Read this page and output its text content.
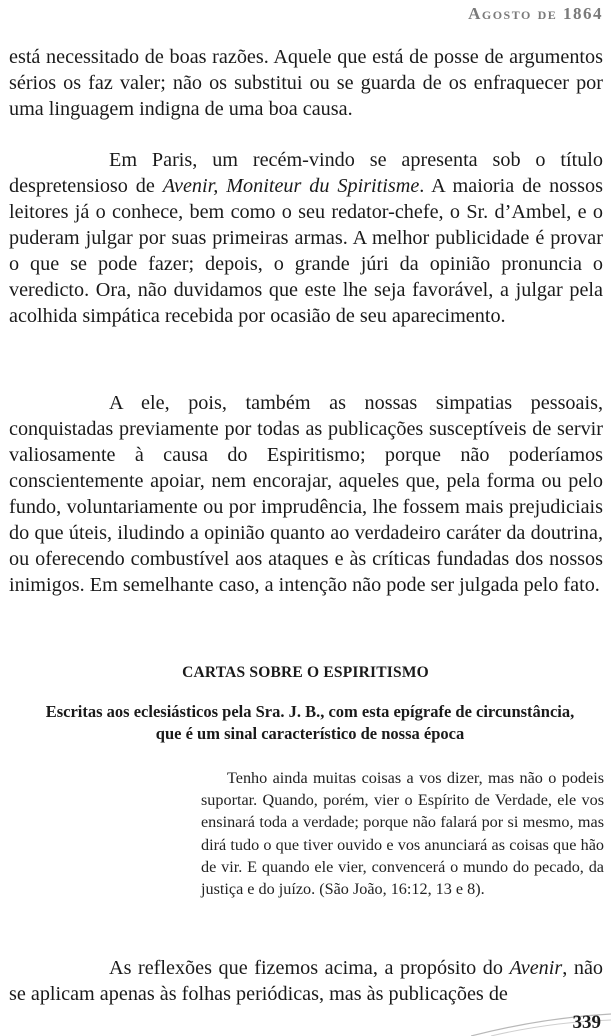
Agosto de 1864

está necessitado de boas razões. Aquele que está de posse de argumentos sérios os faz valer; não os substitui ou se guarda de os enfraquecer por uma linguagem indigna de uma boa causa.

Em Paris, um recém-vindo se apresenta sob o título despretensioso de Avenir, Moniteur du Spiritisme. A maioria de nossos leitores já o conhece, bem como o seu redator-chefe, o Sr. d’Ambel, e o puderam julgar por suas primeiras armas. A melhor publicidade é provar o que se pode fazer; depois, o grande júri da opinião pronuncia o veredicto. Ora, não duvidamos que este lhe seja favorável, a julgar pela acolhida simpática recebida por ocasião de seu aparecimento.

A ele, pois, também as nossas simpatias pessoais, conquistadas previamente por todas as publicações susceptíveis de servir valiosamente à causa do Espiritismo; porque não poderíamos conscientemente apoiar, nem encorajar, aqueles que, pela forma ou pelo fundo, voluntariamente ou por imprudência, lhe fossem mais prejudiciais do que úteis, iludindo a opinião quanto ao verdadeiro caráter da doutrina, ou oferecendo combustível aos ataques e às críticas fundadas dos nossos inimigos. Em semelhante caso, a intenção não pode ser julgada pelo fato.

CARTAS SOBRE O ESPIRITISMO
Escritas aos eclesiásticos pela Sra. J. B., com esta epígrafe de circunstância, que é um sinal característico de nossa época

Tenho ainda muitas coisas a vos dizer, mas não o podeis suportar. Quando, porém, vier o Espírito de Verdade, ele vos ensinará toda a verdade; porque não falará por si mesmo, mas dirá tudo o que tiver ouvido e vos anunciará as coisas que hão de vir. E quando ele vier, convencerá o mundo do pecado, da justiça e do juízo. (São João, 16:12, 13 e 8).

As reflexões que fizemos acima, a propósito do Avenir, não se aplicam apenas às folhas periódicas, mas às publicações de

339
